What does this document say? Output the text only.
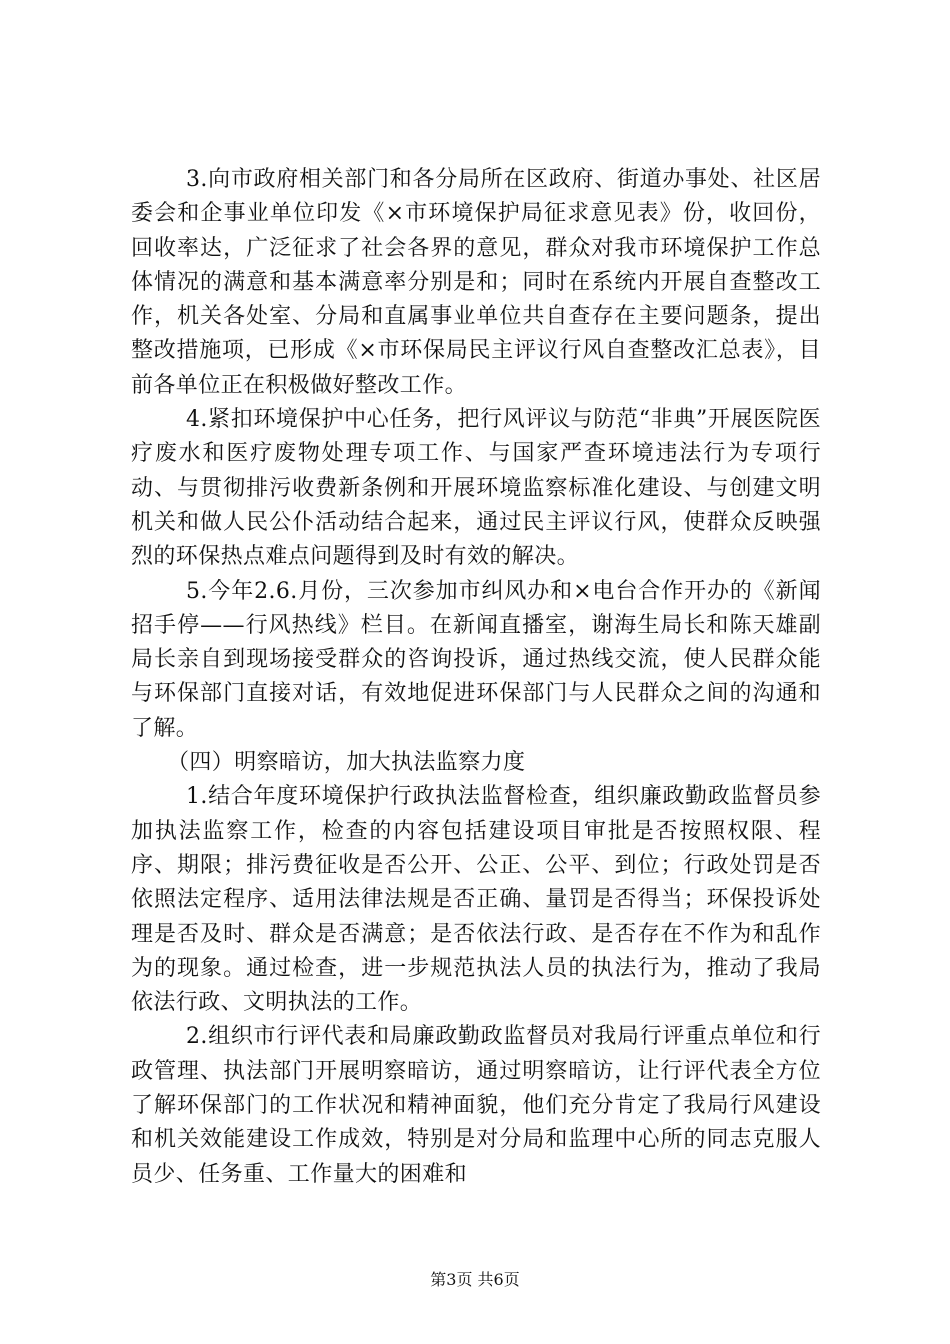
3.向市政府相关部门和各分局所在区政府、街道办事处、社区居委会和企事业单位印发《×市环境保护局征求意见表》份，收回份，回收率达，广泛征求了社会各界的意见，群众对我市环境保护工作总体情况的满意和基本满意率分别是和；同时在系统内开展自查整改工作，机关各处室、分局和直属事业单位共自查存在主要问题条，提出整改措施项，已形成《×市环保局民主评议行风自查整改汇总表》，目前各单位正在积极做好整改工作。

4.紧扣环境保护中心任务，把行风评议与防范“非典”开展医院医疗废水和医疗废物处理专项工作、与国家严查环境违法行为专项行动、与贯彻排污收费新条例和开展环境监察标准化建设、与创建文明机关和做人民公仆活动结合起来，通过民主评议行风，使群众反映强烈的环保热点难点问题得到及时有效的解决。

5.今年2.6.月份，三次参加市纠风办和×电台合作开办的《新闻招手停——行风热线》栏目。在新闻直播室，谢海生局长和陈天雄副局长亲自到现场接受群众的咨询投诉，通过热线交流，使人民群众能与环保部门直接对话，有效地促进环保部门与人民群众之间的沟通和了解。

（四）明察暗访，加大执法监察力度

1.结合年度环境保护行政执法监督检查，组织廉政勤政监督员参加执法监察工作，检查的内容包括建设项目审批是否按照权限、程序、期限；排污费征收是否公开、公正、公平、到位；行政处罚是否依照法定程序、适用法律法规是否正确、量罚是否得当；环保投诉处理是否及时、群众是否满意；是否依法行政、是否存在不作为和乱作为的现象。通过检查，进一步规范执法人员的执法行为，推动了我局依法行政、文明执法的工作。

2.组织市行评代表和局廉政勤政监督员对我局行评重点单位和行政管理、执法部门开展明察暗访，通过明察暗访，让行评代表全方位了解环保部门的工作状况和精神面貌，他们充分肯定了我局行风建设和机关效能建设工作成效，特别是对分局和监理中心所的同志克服人员少、任务重、工作量大的困难和

第3页 共6页
